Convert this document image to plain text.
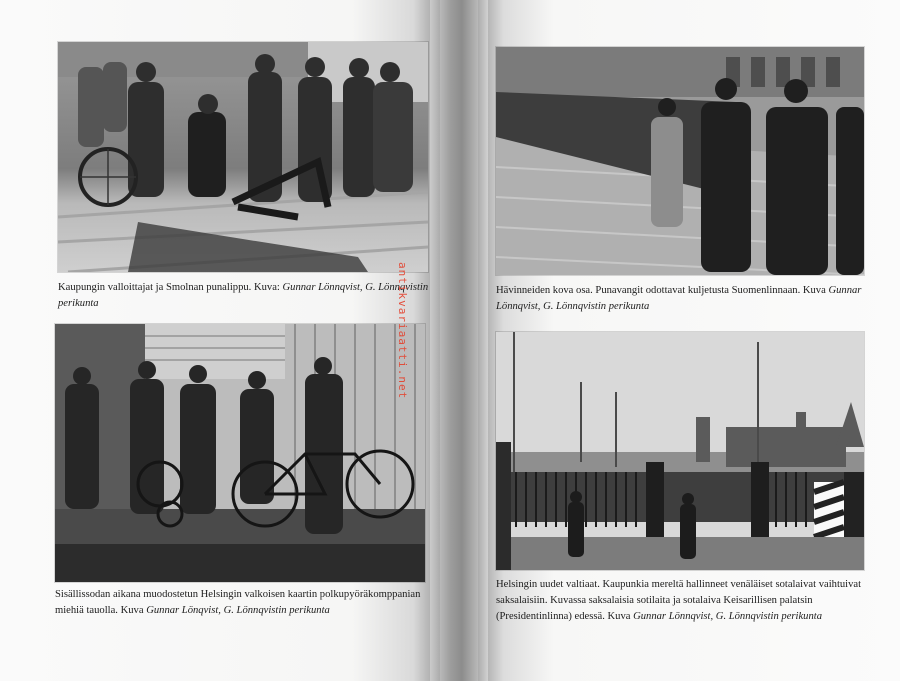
Kaupungin valloittajat ja Smolnan punalippu. Kuva: Gunnar Lönnqvist, G. Lönnqvistin perikunta

Sisällissodan aikana muodostetun Helsingin valkoisen kaartin polkupyöräkomppanian miehiä tauolla. Kuva Gunnar Lönqvist, G. Lönnqvistin perikunta

Hävinneiden kova osa. Punavangit odottavat kuljetusta Suomenlinnaan. Kuva Gunnar Lönnqvist, G. Lönnqvistin perikunta

Helsingin uudet valtiaat. Kaupunkia mereltä hallinneet venäläiset sotalaivat vaihtuivat saksalaisiin. Kuvassa saksalaisia sotilaita ja sotalaiva Keisarillisen palatsin (Presidentinlinna) edessä. Kuva Gunnar Lönnqvist, G. Lönnqvistin perikunta

antikvariaatti.net
